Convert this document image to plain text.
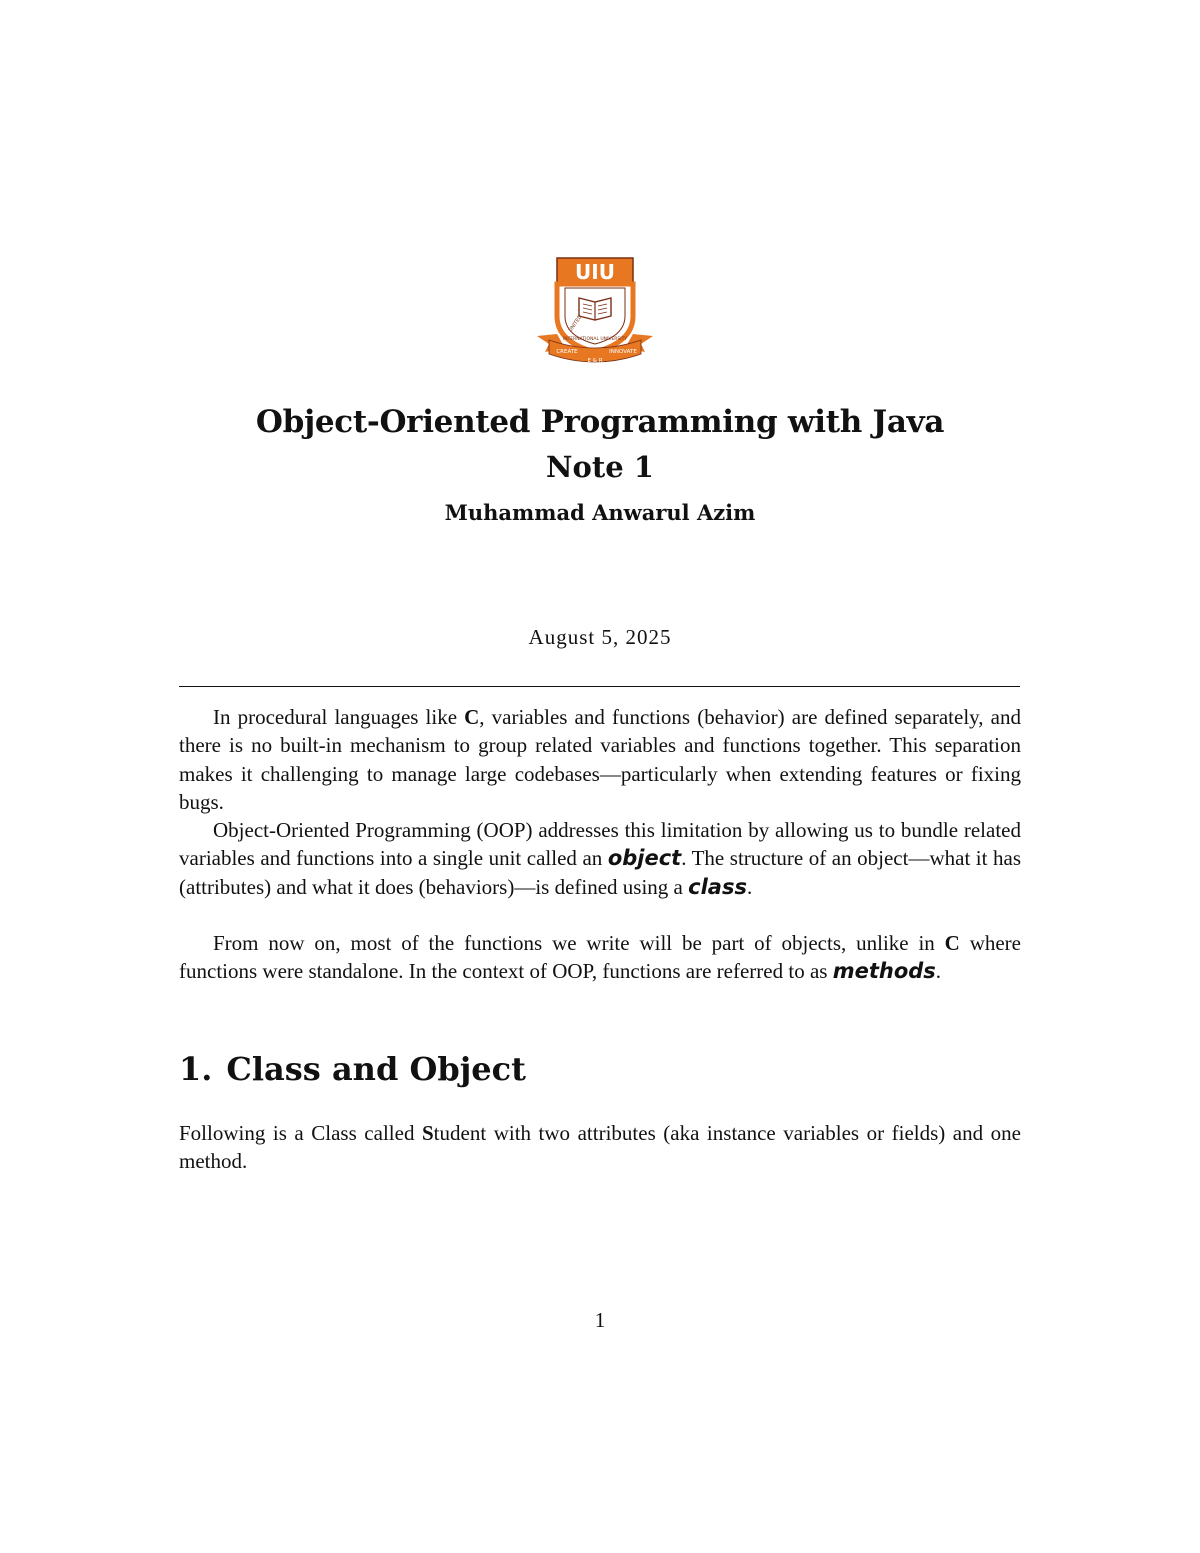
UIU
UNITED
INTERNATIONAL UNIVERSITY
CREATE	INNOVATE
E & R
Object-Oriented Programming with Java
Note 1
Muhammad Anwarul Azim
August 5, 2025

In procedural languages like C, variables and functions (behavior) are defined separately, and there is no built-in mechanism to group related variables and functions together. This separation makes it challenging to manage large codebases—particularly when extending features or fixing bugs.

Object-Oriented Programming (OOP) addresses this limitation by allowing us to bundle related variables and functions into a single unit called an object. The structure of an object—what it has (attributes) and what it does (behaviors)—is defined using a class.

From now on, most of the functions we write will be part of objects, unlike in C where functions were standalone. In the context of OOP, functions are referred to as methods.

1. Class and Object

Following is a Class called Student with two attributes (aka instance variables or fields) and one method.

1
